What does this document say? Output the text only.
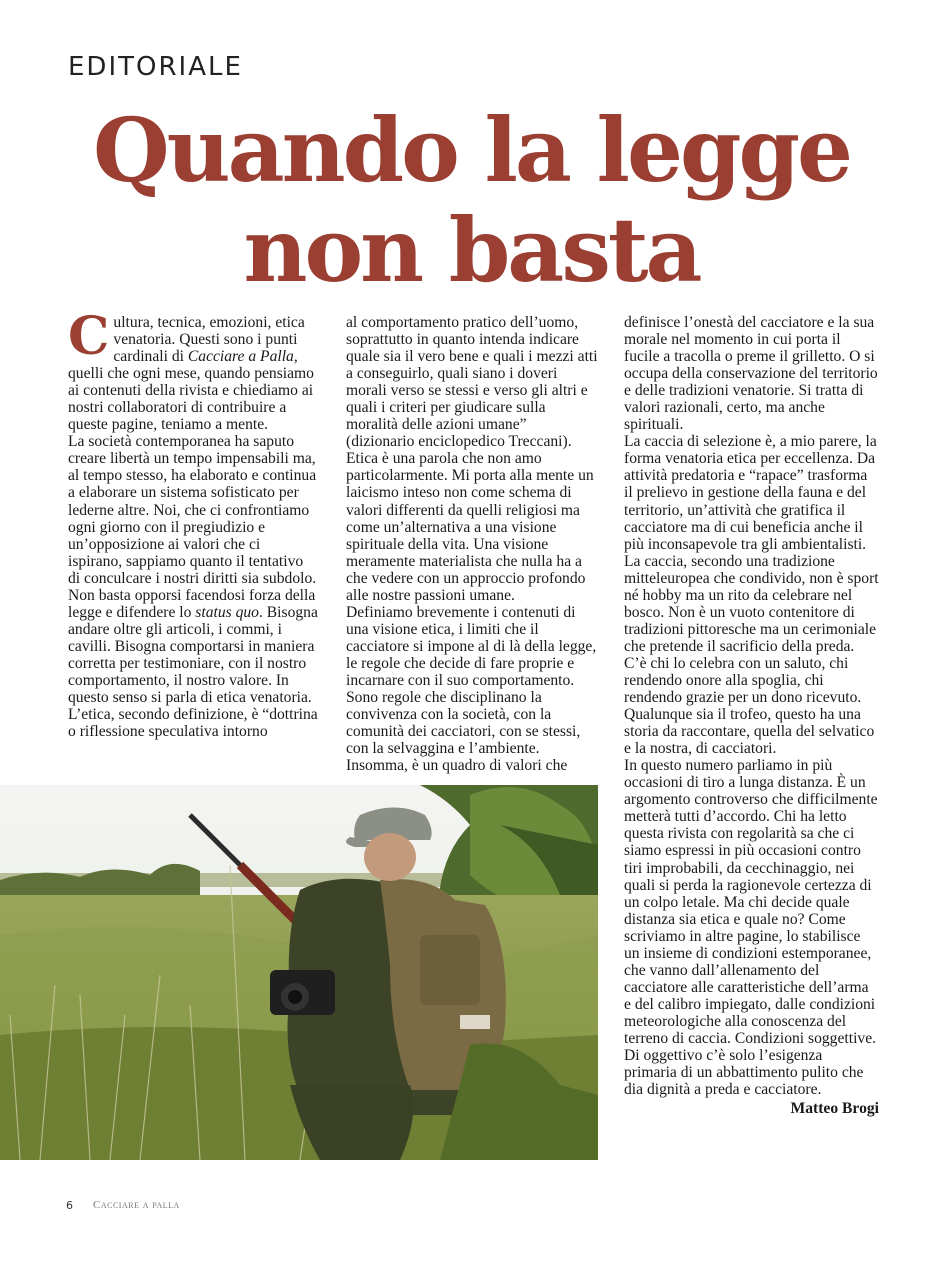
EDITORIALE
Quando la legge
non basta

Cultura, tecnica, emozioni, etica venatoria. Questi sono i punti cardinali di Cacciare a Palla, quelli che ogni mese, quando pensiamo ai contenuti della rivista e chiediamo ai nostri collaboratori di contribuire a queste pagine, teniamo a mente.

La società contemporanea ha saputo creare libertà un tempo impensabili ma, al tempo stesso, ha elaborato e continua a elaborare un sistema sofisticato per lederne altre. Noi, che ci confrontiamo ogni giorno con il pregiudizio e un’opposizione ai valori che ci ispirano, sappiamo quanto il tentativo di conculcare i nostri diritti sia subdolo. Non basta opporsi facendosi forza della legge e difendere lo status quo. Bisogna andare oltre gli articoli, i commi, i cavilli. Bisogna comportarsi in maniera corretta per testimoniare, con il nostro comportamento, il nostro valore. In questo senso si parla di etica venatoria.

L’etica, secondo definizione, è “dottrina o riflessione speculativa intorno

al comportamento pratico dell’uomo, soprattutto in quanto intenda indicare quale sia il vero bene e quali i mezzi atti a conseguirlo, quali siano i doveri morali verso se stessi e verso gli altri e quali i criteri per giudicare sulla moralità delle azioni umane” (dizionario enciclopedico Treccani). Etica è una parola che non amo particolarmente. Mi porta alla mente un laicismo inteso non come schema di valori differenti da quelli religiosi ma come un’alternativa a una visione spirituale della vita. Una visione meramente materialista che nulla ha a che vedere con un approccio profondo alle nostre passioni umane.

Definiamo brevemente i contenuti di una visione etica, i limiti che il cacciatore si impone al di là della legge, le regole che decide di fare proprie e incarnare con il suo comportamento. Sono regole che disciplinano la convivenza con la società, con la comunità dei cacciatori, con se stessi, con la selvaggina e l’ambiente. Insomma, è un quadro di valori che

definisce l’onestà del cacciatore e la sua morale nel momento in cui porta il fucile a tracolla o preme il grilletto. O si occupa della conservazione del territorio e delle tradizioni venatorie. Si tratta di valori razionali, certo, ma anche spirituali.

La caccia di selezione è, a mio parere, la forma venatoria etica per eccellenza. Da attività predatoria e “rapace” trasforma il prelievo in gestione della fauna e del territorio, un’attività che gratifica il cacciatore ma di cui beneficia anche il più inconsapevole tra gli ambientalisti.

La caccia, secondo una tradizione mitteleuropea che condivido, non è sport né hobby ma un rito da celebrare nel bosco. Non è un vuoto contenitore di tradizioni pittoresche ma un cerimoniale che pretende il sacrificio della preda. C’è chi lo celebra con un saluto, chi rendendo onore alla spoglia, chi rendendo grazie per un dono ricevuto. Qualunque sia il trofeo, questo ha una storia da raccontare, quella del selvatico e la nostra, di cacciatori.

In questo numero parliamo in più occasioni di tiro a lunga distanza. È un argomento controverso che difficilmente metterà tutti d’accordo. Chi ha letto questa rivista con regolarità sa che ci siamo espressi in più occasioni contro tiri improbabili, da cecchinaggio, nei quali si perda la ragionevole certezza di un colpo letale. Ma chi decide quale distanza sia etica e quale no? Come scriviamo in altre pagine, lo stabilisce un insieme di condizioni estemporanee, che vanno dall’allenamento del cacciatore alle caratteristiche dell’arma e del calibro impiegato, dalle condizioni meteorologiche alla conoscenza del terreno di caccia. Condizioni soggettive. Di oggettivo c’è solo l’esigenza primaria di un abbattimento pulito che dia dignità a preda e cacciatore.

Matteo Brogi

6 Cacciare a palla
